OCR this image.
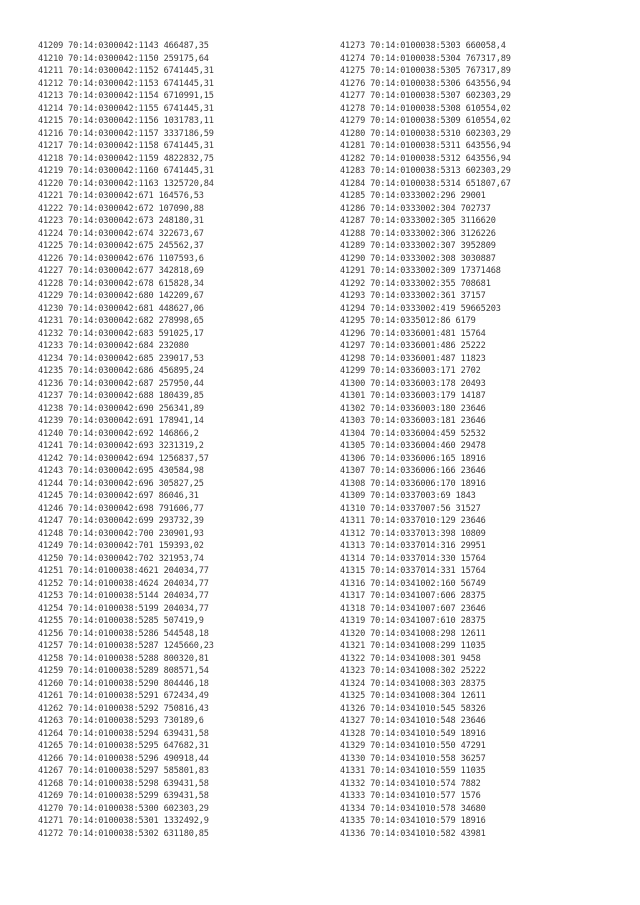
41209 70:14:0300042:1143 466487,35
41210 70:14:0300042:1150 259175,64
41211 70:14:0300042:1152 6741445,31
41212 70:14:0300042:1153 6741445,31
41213 70:14:0300042:1154 6710991,15
41214 70:14:0300042:1155 6741445,31
41215 70:14:0300042:1156 1031783,11
41216 70:14:0300042:1157 3337186,59
41217 70:14:0300042:1158 6741445,31
41218 70:14:0300042:1159 4822832,75
41219 70:14:0300042:1160 6741445,31
41220 70:14:0300042:1163 1325720,84
41221 70:14:0300042:671 164576,53
41222 70:14:0300042:672 107090,88
41223 70:14:0300042:673 248180,31
41224 70:14:0300042:674 322673,67
41225 70:14:0300042:675 245562,37
41226 70:14:0300042:676 1107593,6
41227 70:14:0300042:677 342818,69
41228 70:14:0300042:678 615828,34
41229 70:14:0300042:680 142209,67
41230 70:14:0300042:681 448627,06
41231 70:14:0300042:682 278998,65
41232 70:14:0300042:683 591025,17
41233 70:14:0300042:684 232080
41234 70:14:0300042:685 239017,53
41235 70:14:0300042:686 456895,24
41236 70:14:0300042:687 257950,44
41237 70:14:0300042:688 180439,85
41238 70:14:0300042:690 256341,89
41239 70:14:0300042:691 178941,14
41240 70:14:0300042:692 146866,2
41241 70:14:0300042:693 3231319,2
41242 70:14:0300042:694 1256837,57
41243 70:14:0300042:695 430584,98
41244 70:14:0300042:696 305827,25
41245 70:14:0300042:697 86046,31
41246 70:14:0300042:698 791606,77
41247 70:14:0300042:699 293732,39
41248 70:14:0300042:700 230901,93
41249 70:14:0300042:701 159393,02
41250 70:14:0300042:702 321953,74
41251 70:14:0100038:4621 204034,77
41252 70:14:0100038:4624 204034,77
41253 70:14:0100038:5144 204034,77
41254 70:14:0100038:5199 204034,77
41255 70:14:0100038:5285 507419,9
41256 70:14:0100038:5286 544548,18
41257 70:14:0100038:5287 1245660,23
41258 70:14:0100038:5288 800320,81
41259 70:14:0100038:5289 808571,54
41260 70:14:0100038:5290 804446,18
41261 70:14:0100038:5291 672434,49
41262 70:14:0100038:5292 750816,43
41263 70:14:0100038:5293 730189,6
41264 70:14:0100038:5294 639431,58
41265 70:14:0100038:5295 647682,31
41266 70:14:0100038:5296 490918,44
41267 70:14:0100038:5297 585801,83
41268 70:14:0100038:5298 639431,58
41269 70:14:0100038:5299 639431,58
41270 70:14:0100038:5300 602303,29
41271 70:14:0100038:5301 1332492,9
41272 70:14:0100038:5302 631180,85
41273 70:14:0100038:5303 660058,4
41274 70:14:0100038:5304 767317,89
41275 70:14:0100038:5305 767317,89
41276 70:14:0100038:5306 643556,94
41277 70:14:0100038:5307 602303,29
41278 70:14:0100038:5308 610554,02
41279 70:14:0100038:5309 610554,02
41280 70:14:0100038:5310 602303,29
41281 70:14:0100038:5311 643556,94
41282 70:14:0100038:5312 643556,94
41283 70:14:0100038:5313 602303,29
41284 70:14:0100038:5314 651807,67
41285 70:14:0333002:296 29001
41286 70:14:0333002:304 702737
41287 70:14:0333002:305 3116620
41288 70:14:0333002:306 3126226
41289 70:14:0333002:307 3952809
41290 70:14:0333002:308 3030887
41291 70:14:0333002:309 17371468
41292 70:14:0333002:355 708681
41293 70:14:0333002:361 37157
41294 70:14:0333002:419 59665203
41295 70:14:0335012:86 6179
41296 70:14:0336001:481 15764
41297 70:14:0336001:486 25222
41298 70:14:0336001:487 11823
41299 70:14:0336003:171 2702
41300 70:14:0336003:178 20493
41301 70:14:0336003:179 14187
41302 70:14:0336003:180 23646
41303 70:14:0336003:181 23646
41304 70:14:0336004:459 52532
41305 70:14:0336004:460 29478
41306 70:14:0336006:165 18916
41307 70:14:0336006:166 23646
41308 70:14:0336006:170 18916
41309 70:14:0337003:69 1843
41310 70:14:0337007:56 31527
41311 70:14:0337010:129 23646
41312 70:14:0337013:398 10809
41313 70:14:0337014:316 29951
41314 70:14:0337014:330 15764
41315 70:14:0337014:331 15764
41316 70:14:0341002:160 56749
41317 70:14:0341007:606 28375
41318 70:14:0341007:607 23646
41319 70:14:0341007:610 28375
41320 70:14:0341008:298 12611
41321 70:14:0341008:299 11035
41322 70:14:0341008:301 9458
41323 70:14:0341008:302 25222
41324 70:14:0341008:303 28375
41325 70:14:0341008:304 12611
41326 70:14:0341010:545 58326
41327 70:14:0341010:548 23646
41328 70:14:0341010:549 18916
41329 70:14:0341010:550 47291
41330 70:14:0341010:558 36257
41331 70:14:0341010:559 11035
41332 70:14:0341010:574 7882
41333 70:14:0341010:577 1576
41334 70:14:0341010:578 34680
41335 70:14:0341010:579 18916
41336 70:14:0341010:582 43981
